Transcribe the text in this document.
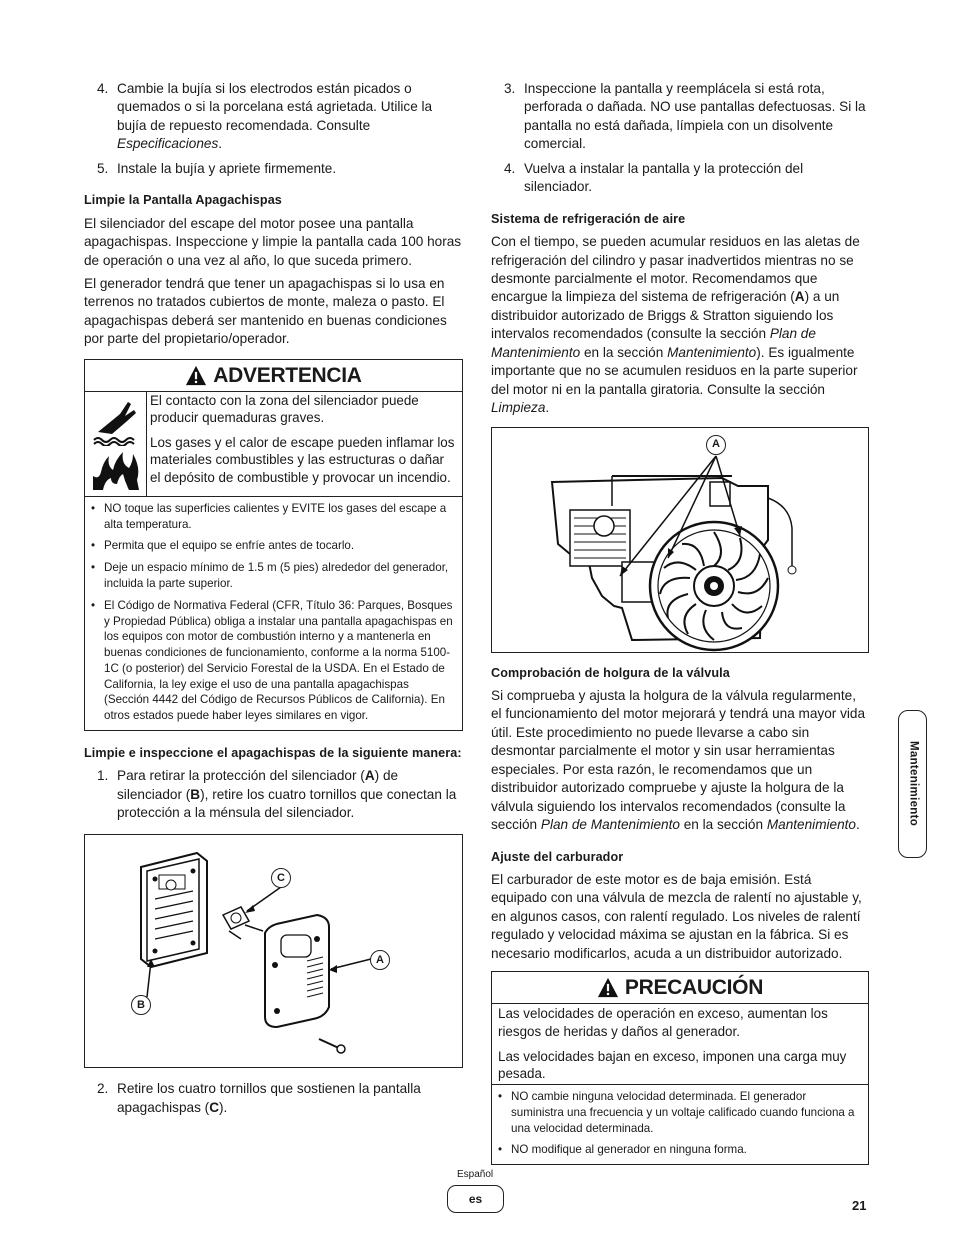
4. Cambie la bujía si los electrodos están picados o quemados o si la porcelana está agrietada. Utilice la bujía de repuesto recomendada. Consulte Especificaciones.
5. Instale la bujía y apriete firmemente.
Limpie la Pantalla Apagachispas

El silenciador del escape del motor posee una pantalla apagachispas. Inspeccione y limpie la pantalla cada 100 horas de operación o una vez al año, lo que suceda primero.

El generador tendrá que tener un apagachispas si lo usa en terrenos no tratados cubiertos de monte, maleza o pasto. El apagachispas deberá ser mantenido en buenas condiciones por parte del propietario/operador.

ADVERTENCIA

El contacto con la zona del silenciador puede producir quemaduras graves.

Los gases y el calor de escape pueden inflamar los materiales combustibles y las estructuras o dañar el depósito de combustible y provocar un incendio.

• NO toque las superficies calientes y EVITE los gases del escape a alta temperatura.
• Permita que el equipo se enfríe antes de tocarlo.
• Deje un espacio mínimo de 1.5 m (5 pies) alrededor del generador, incluida la parte superior.
• El Código de Normativa Federal (CFR, Título 36: Parques, Bosques y Propiedad Pública) obliga a instalar una pantalla apagachispas en los equipos con motor de combustión interno y a mantenerla en buenas condiciones de funcionamiento, conforme a la norma 5100-1C (o posterior) del Servicio Forestal de la USDA. En el Estado de California, la ley exige el uso de una pantalla apagachispas (Sección 4442 del Código de Recursos Públicos de California). En otros estados puede haber leyes similares en vigor.
Limpie e inspeccione el apagachispas de la siguiente manera:
1. Para retirar la protección del silenciador (A) de silenciador (B), retire los cuatro tornillos que conectan la protección a la ménsula del silenciador.
C
A
B
2. Retire los cuatro tornillos que sostienen la pantalla apagachispas (C).
3. Inspeccione la pantalla y reemplácela si está rota, perforada o dañada. NO use pantallas defectuosas. Si la pantalla no está dañada, límpiela con un disolvente comercial.
4. Vuelva a instalar la pantalla y la protección del silenciador.
Sistema de refrigeración de aire

Con el tiempo, se pueden acumular residuos en las aletas de refrigeración del cilindro y pasar inadvertidos mientras no se desmonte parcialmente el motor. Recomendamos que encargue la limpieza del sistema de refrigeración (A) a un distribuidor autorizado de Briggs & Stratton siguiendo los intervalos recomendados (consulte la sección Plan de Mantenimiento en la sección Mantenimiento). Es igualmente importante que no se acumulen residuos en la parte superior del motor ni en la pantalla giratoria. Consulte la sección Limpieza.

A
Comprobación de holgura de la válvula

Si comprueba y ajusta la holgura de la válvula regularmente, el funcionamiento del motor mejorará y tendrá una mayor vida útil. Este procedimiento no puede llevarse a cabo sin desmontar parcialmente el motor y sin usar herramientas especiales. Por esta razón, le recomendamos que un distribuidor autorizado compruebe y ajuste la holgura de la válvula siguiendo los intervalos recomendados (consulte la sección Plan de Mantenimiento en la sección Mantenimiento.

Ajuste del carburador

El carburador de este motor es de baja emisión. Está equipado con una válvula de mezcla de ralentí no ajustable y, en algunos casos, con ralentí regulado. Los niveles de ralentí regulado y velocidad máxima se ajustan en la fábrica. Si es necesario modificarlos, acuda a un distribuidor autorizado.

PRECAUCIÓN

Las velocidades de operación en exceso, aumentan los riesgos de heridas y daños al generador.

Las velocidades bajan en exceso, imponen una carga muy pesada.

• NO cambie ninguna velocidad determinada. El generador suministra una frecuencia y un voltaje calificado cuando funciona a una velocidad determinada.
• NO modifique al generador en ninguna forma.
Mantenimiento
Español
es	21
